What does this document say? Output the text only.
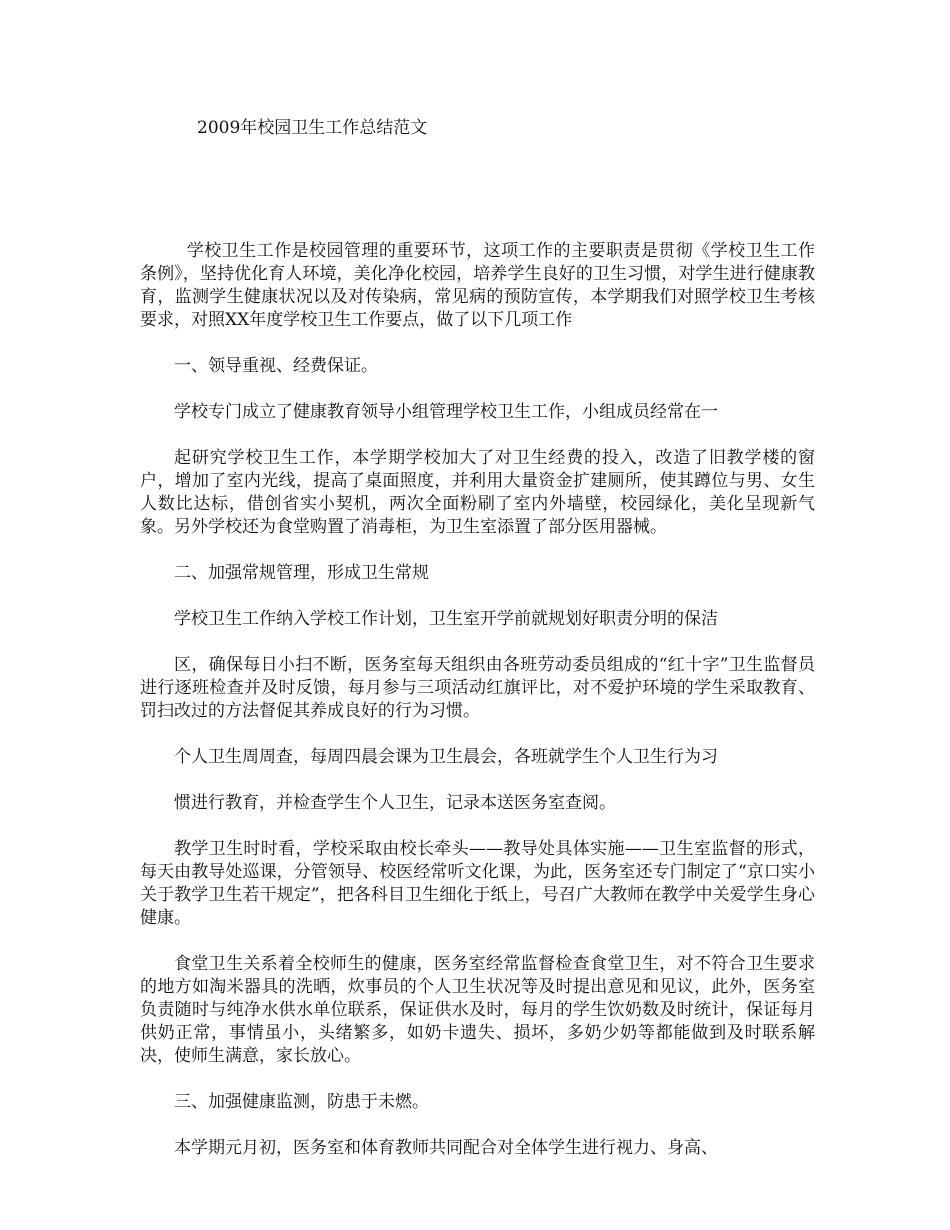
2009年校园卫生工作总结范文

学校卫生工作是校园管理的重要环节，这项工作的主要职责是贯彻《学校卫生工作条例》，坚持优化育人环境，美化净化校园，培养学生良好的卫生习惯，对学生进行健康教育，监测学生健康状况以及对传染病，常见病的预防宣传，本学期我们对照学校卫生考核要求，对照XX年度学校卫生工作要点，做了以下几项工作

一、领导重视、经费保证。

学校专门成立了健康教育领导小组管理学校卫生工作，小组成员经常在一

起研究学校卫生工作，本学期学校加大了对卫生经费的投入，改造了旧教学楼的窗户，增加了室内光线，提高了桌面照度，并利用大量资金扩建厕所，使其蹲位与男、女生人数比达标，借创省实小契机，两次全面粉刷了室内外墙壁，校园绿化，美化呈现新气象。另外学校还为食堂购置了消毒柜，为卫生室添置了部分医用器械。

二、加强常规管理，形成卫生常规

学校卫生工作纳入学校工作计划，卫生室开学前就规划好职责分明的保洁

区，确保每日小扫不断，医务室每天组织由各班劳动委员组成的“红十字”卫生监督员进行逐班检查并及时反馈，每月参与三项活动红旗评比，对不爱护环境的学生采取教育、罚扫改过的方法督促其养成良好的行为习惯。

个人卫生周周查，每周四晨会课为卫生晨会，各班就学生个人卫生行为习

惯进行教育，并检查学生个人卫生，记录本送医务室查阅。

教学卫生时时看，学校采取由校长牵头——教导处具体实施——卫生室监督的形式，每天由教导处巡课，分管领导、校医经常听文化课，为此，医务室还专门制定了“京口实小关于教学卫生若干规定”，把各科目卫生细化于纸上，号召广大教师在教学中关爱学生身心健康。

食堂卫生关系着全校师生的健康，医务室经常监督检查食堂卫生，对不符合卫生要求的地方如淘米器具的洗晒，炊事员的个人卫生状况等及时提出意见和见议，此外，医务室负责随时与纯净水供水单位联系，保证供水及时，每月的学生饮奶数及时统计，保证每月供奶正常，事情虽小，头绪繁多，如奶卡遗失、损坏，多奶少奶等都能做到及时联系解决，使师生满意，家长放心。

三、加强健康监测，防患于未燃。

本学期元月初，医务室和体育教师共同配合对全体学生进行视力、身高、
